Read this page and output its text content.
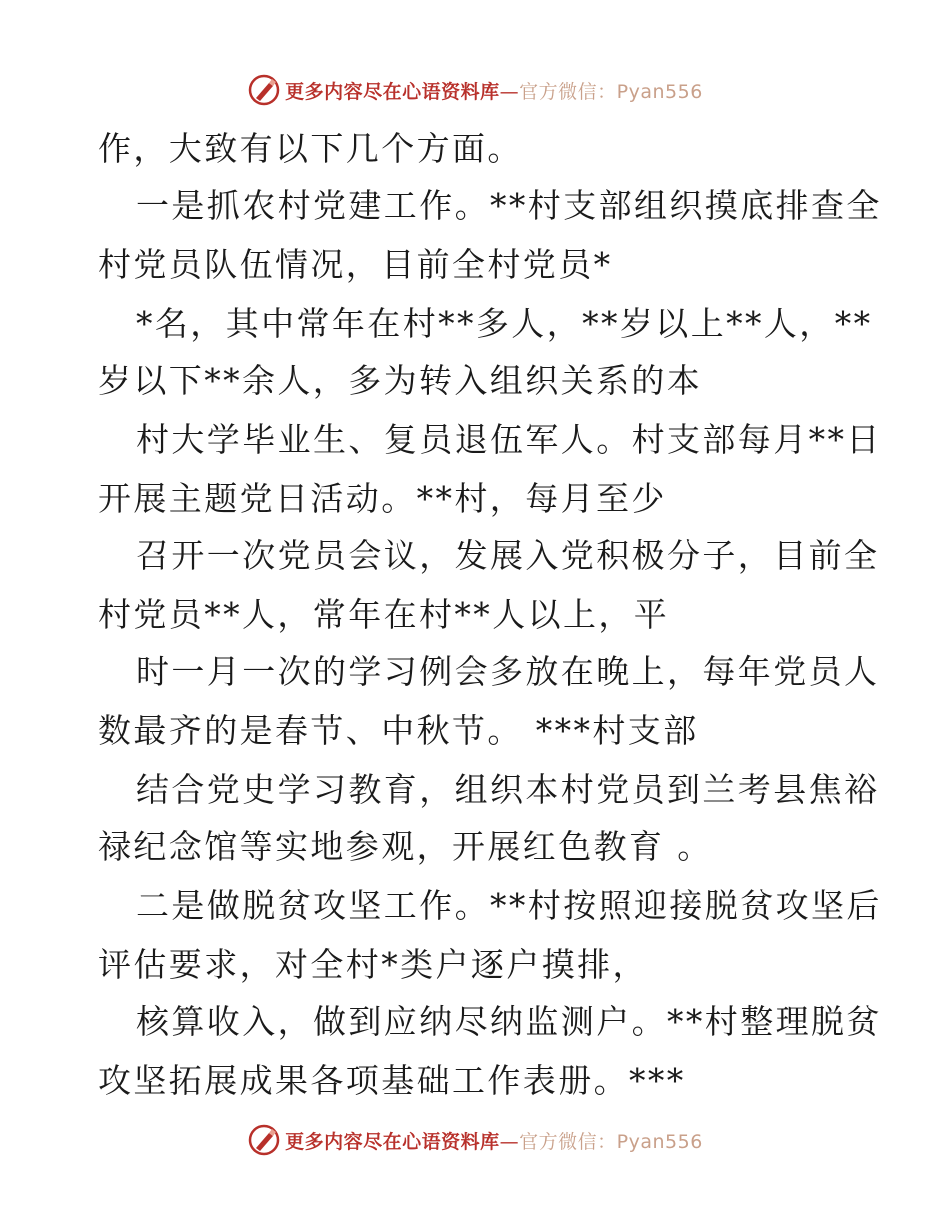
更多内容尽在心语资料库—官方微信：Pyan556
作，大致有以下几个方面。
一是抓农村党建工作。**村支部组织摸底排查全
村党员队伍情况，目前全村党员*
*名，其中常年在村**多人，**岁以上**人，**
岁以下**余人，多为转入组织关系的本
村大学毕业生、复员退伍军人。村支部每月**日
开展主题党日活动。**村，每月至少
召开一次党员会议，发展入党积极分子，目前全
村党员**人，常年在村**人以上，平
时一月一次的学习例会多放在晚上，每年党员人
数最齐的是春节、中秋节。 ***村支部
结合党史学习教育，组织本村党员到兰考县焦裕
禄纪念馆等实地参观，开展红色教育 。
二是做脱贫攻坚工作。**村按照迎接脱贫攻坚后
评估要求，对全村*类户逐户摸排，
核算收入，做到应纳尽纳监测户。**村整理脱贫
攻坚拓展成果各项基础工作表册。***
更多内容尽在心语资料库—官方微信：Pyan556
